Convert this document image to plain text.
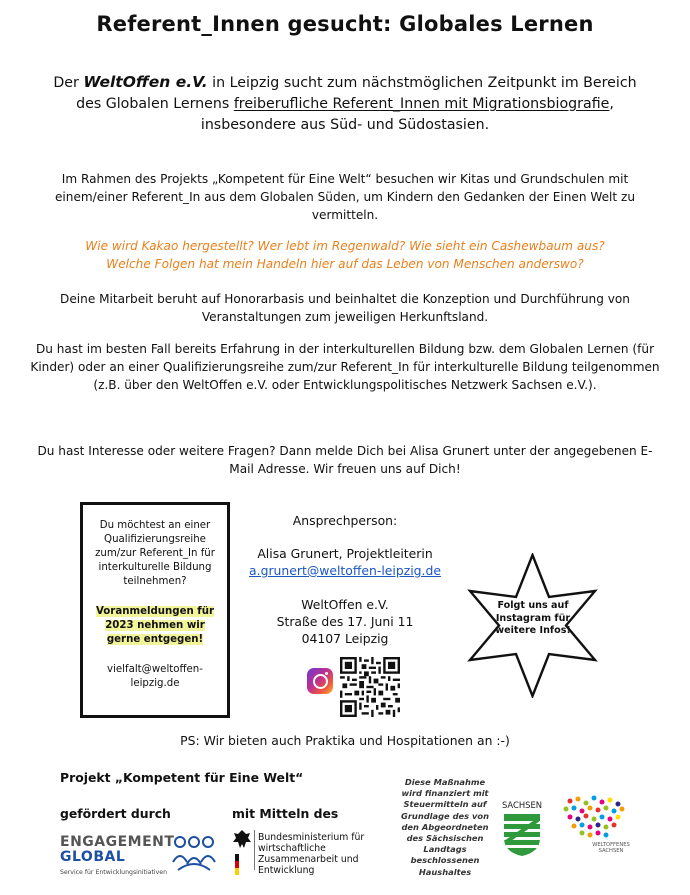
Referent_Innen gesucht: Globales Lernen
Der WeltOffen e.V. in Leipzig sucht zum nächstmöglichen Zeitpunkt im Bereich des Globalen Lernens freiberufliche Referent_Innen mit Migrationsbiografie, insbesondere aus Süd- und Südostasien.
Im Rahmen des Projekts „Kompetent für Eine Welt“ besuchen wir Kitas und Grundschulen mit einem/einer Referent_In aus dem Globalen Süden, um Kindern den Gedanken der Einen Welt zu vermitteln.
Wie wird Kakao hergestellt? Wer lebt im Regenwald? Wie sieht ein Cashewbaum aus?
Welche Folgen hat mein Handeln hier auf das Leben von Menschen anderswo?
Deine Mitarbeit beruht auf Honorarbasis und beinhaltet die Konzeption und Durchführung von Veranstaltungen zum jeweiligen Herkunftsland.
Du hast im besten Fall bereits Erfahrung in der interkulturellen Bildung bzw. dem Globalen Lernen (für Kinder) oder an einer Qualifizierungsreihe zum/zur Referent_In für interkulturelle Bildung teilgenommen (z.B. über den WeltOffen e.V. oder Entwicklungspolitisches Netzwerk Sachsen e.V.).
Du hast Interesse oder weitere Fragen? Dann melde Dich bei Alisa Grunert unter der angegebenen E-Mail Adresse. Wir freuen uns auf Dich!
Du möchtest an einer Qualifizierungsreihe zum/zur Referent_In für interkulturelle Bildung teilnehmen?
Voranmeldungen für 2023 nehmen wir gerne entgegen!
vielfalt@weltoffen-leipzig.de
Ansprechperson:
Alisa Grunert, Projektleiterin
a.grunert@weltoffen-leipzig.de
WeltOffen e.V.
Straße des 17. Juni 11
04107 Leipzig
Folgt uns auf Instagram für weitere Infos!
PS: Wir bieten auch Praktika und Hospitationen an :-)
Projekt „Kompetent für Eine Welt“
gefördert durch	mit Mitteln des
ENGAGEMENT
GLOBAL
Service für Entwicklungsinitiativen
Bundesministerium für wirtschaftliche Zusammenarbeit und Entwicklung
Diese Maßnahme wird finanziert mit Steuermitteln auf Grundlage des von den Abgeordneten des Sächsischen Landtags beschlossenen Haushaltes
SACHSEN
WELTOFFENES SACHSEN
